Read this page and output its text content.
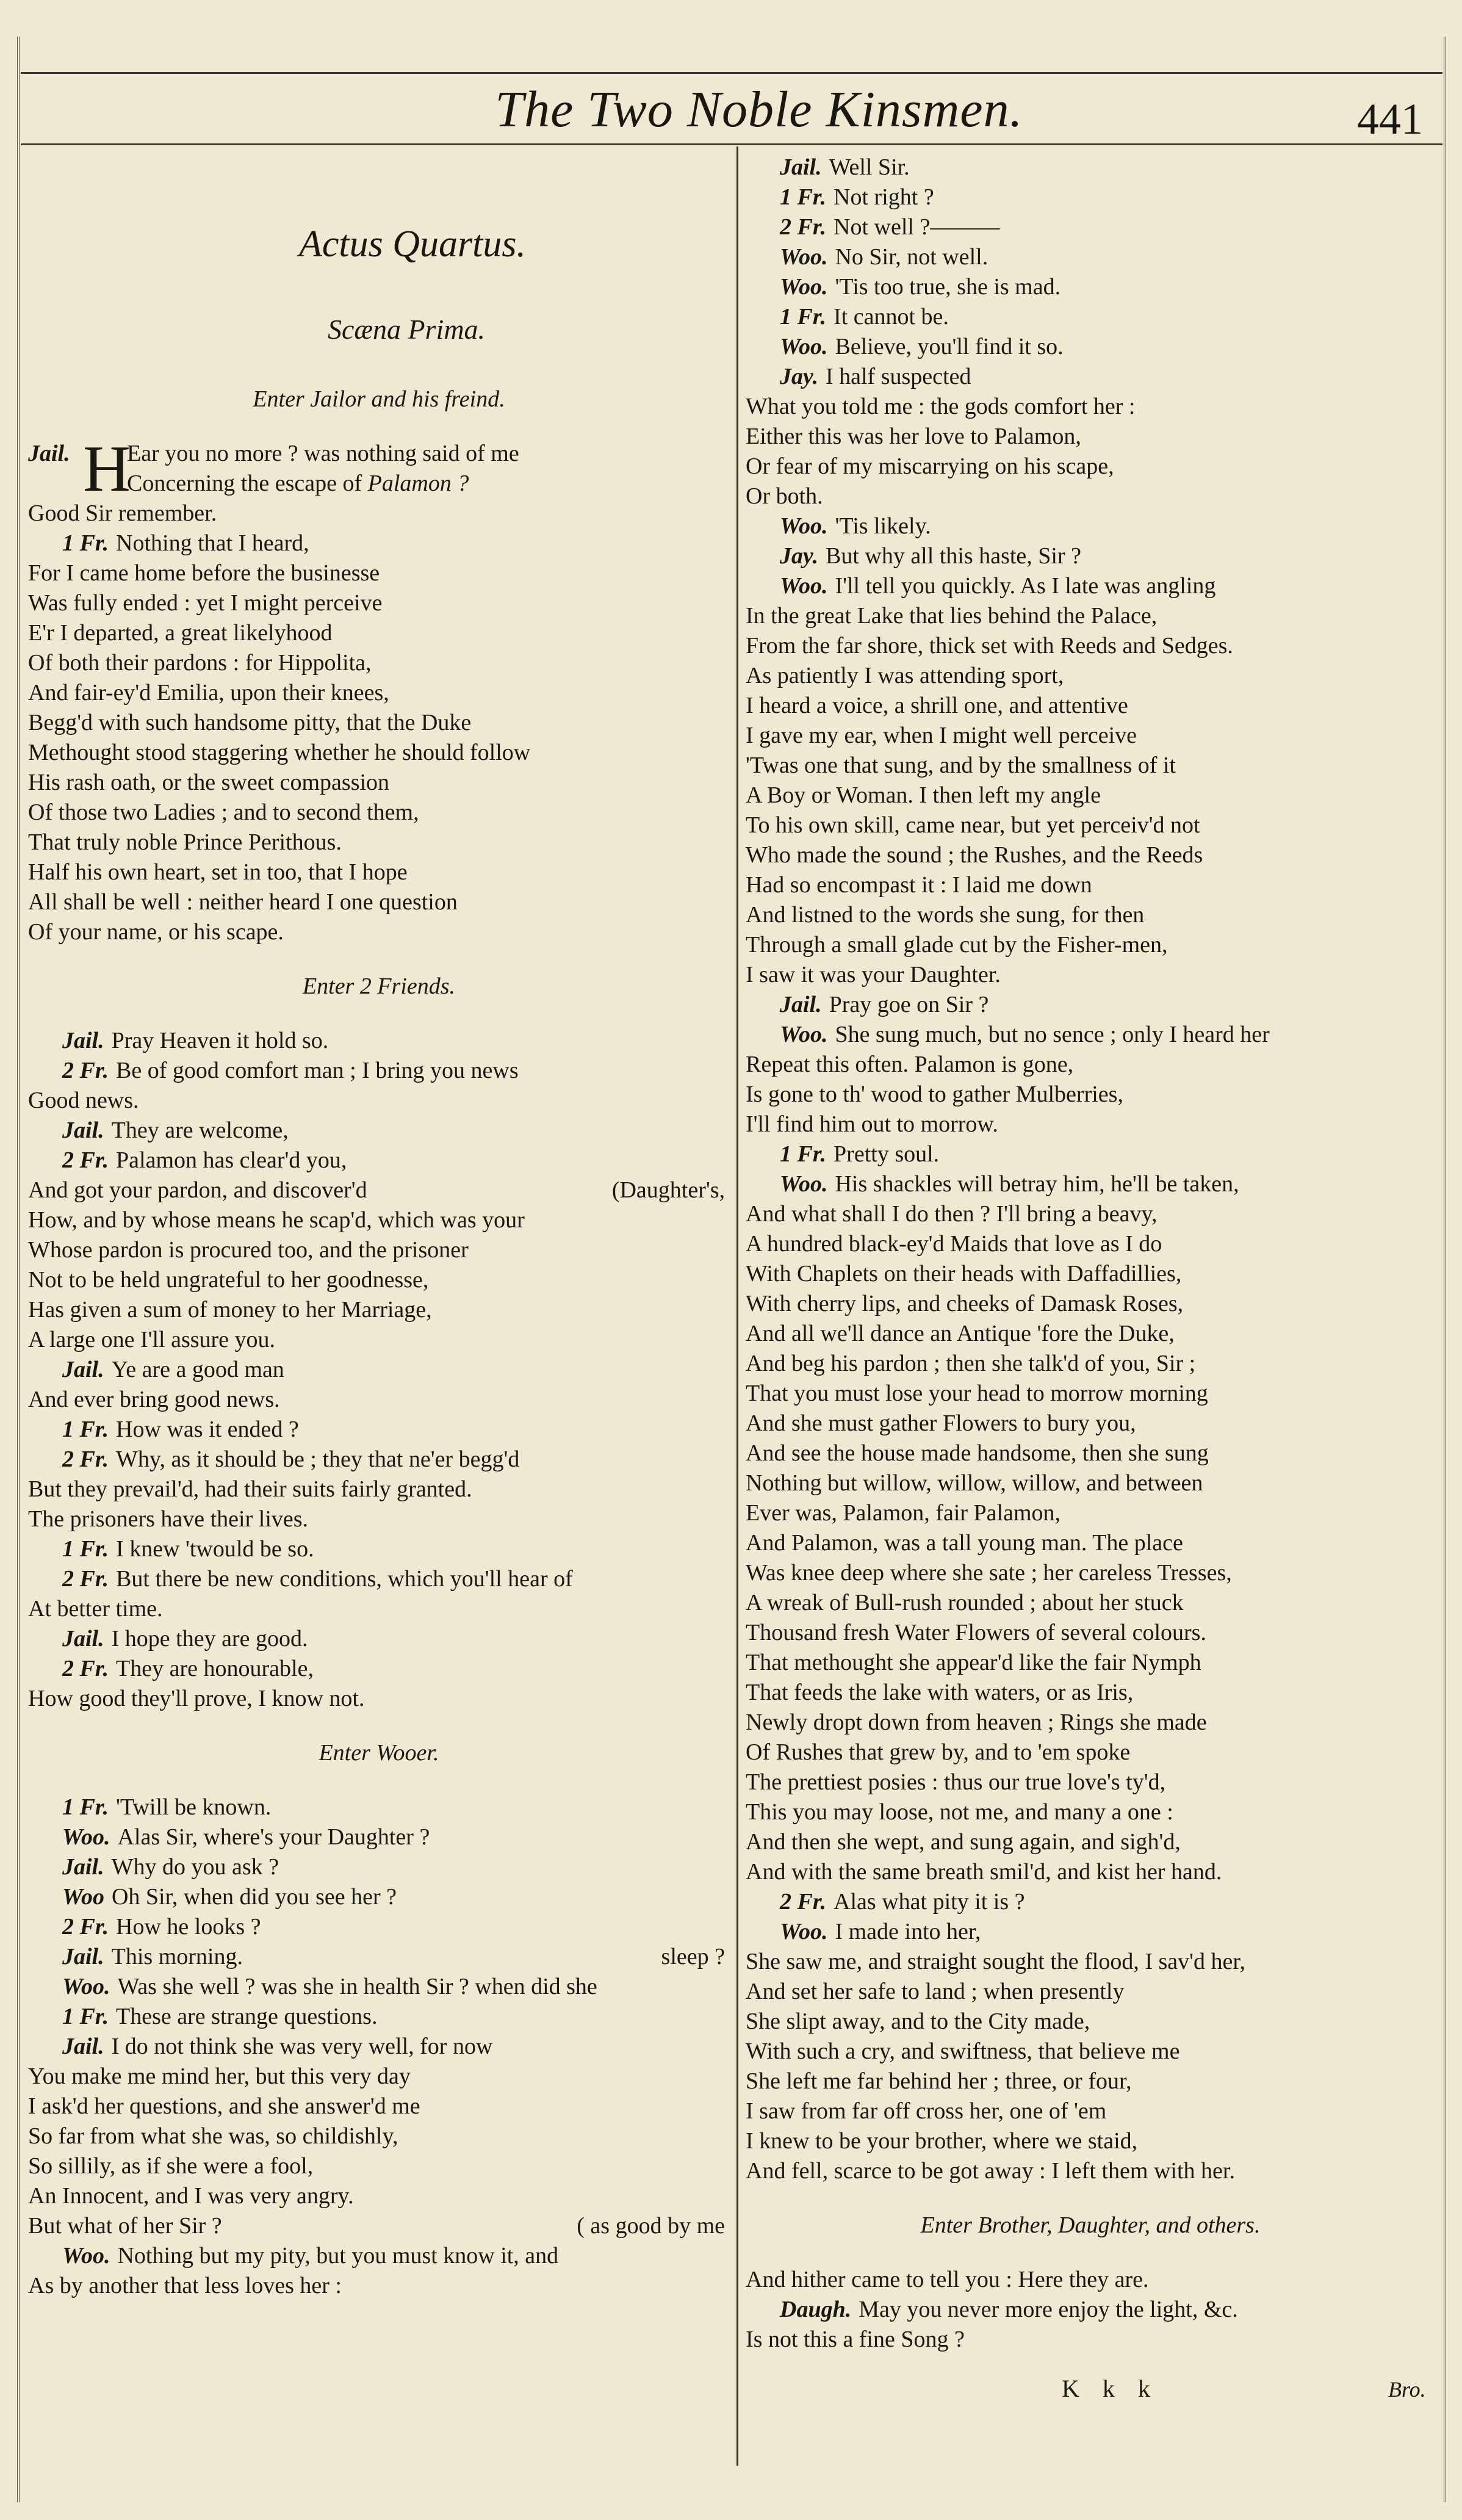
The Two Noble Kinsmen.	441
Actus Quartus.
Scæna Prima.
Enter Jailor and his freind.
Jail. H
Ear you no more ? was nothing said of me
Concerning the escape of Palamon ?
Good Sir remember.
1 Fr. Nothing that I heard,
For I came home before the businesse
Was fully ended : yet I might perceive
E'r I departed, a great likelyhood
Of both their pardons : for Hippolita,
And fair-ey'd Emilia, upon their knees,
Begg'd with such handsome pitty, that the Duke
Methought stood staggering whether he should follow
His rash oath, or the sweet compassion
Of those two Ladies ; and to second them,
That truly noble Prince Perithous.
Half his own heart, set in too, that I hope
All shall be well : neither heard I one question
Of your name, or his scape.
Enter 2 Friends.
Jail. Pray Heaven it hold so.
2 Fr. Be of good comfort man ; I bring you news
Good news.
Jail. They are welcome,
2 Fr. Palamon has clear'd you,
(Daughter's,
And got your pardon, and discover'd
How, and by whose means he scap'd, which was your
Whose pardon is procured too, and the prisoner
Not to be held ungrateful to her goodnesse,
Has given a sum of money to her Marriage,
A large one I'll assure you.
Jail. Ye are a good man
And ever bring good news.
1 Fr. How was it ended ?
2 Fr. Why, as it should be ; they that ne'er begg'd
But they prevail'd, had their suits fairly granted.
The prisoners have their lives.
1 Fr. I knew 'twould be so.
2 Fr. But there be new conditions, which you'll hear of
At better time.
Jail. I hope they are good.
2 Fr. They are honourable,
How good they'll prove, I know not.
Enter Wooer.
1 Fr. 'Twill be known.
Woo. Alas Sir, where's your Daughter ?
Jail. Why do you ask ?
Woo Oh Sir, when did you see her ?
2 Fr. How he looks ?
sleep ?
Jail. This morning.
Woo. Was she well ? was she in health Sir ? when did she
1 Fr. These are strange questions.
Jail. I do not think she was very well, for now
You make me mind her, but this very day
I ask'd her questions, and she answer'd me
So far from what she was, so childishly,
So sillily, as if she were a fool,
An Innocent, and I was very angry.
( as good by me
But what of her Sir ?
Woo. Nothing but my pity, but you must know it, and
As by another that less loves her :
Jail. Well Sir.
1 Fr. Not right ?
2 Fr. Not well ?———
Woo. No Sir, not well.
Woo. 'Tis too true, she is mad.
1 Fr. It cannot be.
Woo. Believe, you'll find it so.
Jay. I half suspected
What you told me : the gods comfort her :
Either this was her love to Palamon,
Or fear of my miscarrying on his scape,
Or both.
Woo. 'Tis likely.
Jay. But why all this haste, Sir ?
Woo. I'll tell you quickly. As I late was angling
In the great Lake that lies behind the Palace,
From the far shore, thick set with Reeds and Sedges.
As patiently I was attending sport,
I heard a voice, a shrill one, and attentive
I gave my ear, when I might well perceive
'Twas one that sung, and by the smallness of it
A Boy or Woman. I then left my angle
To his own skill, came near, but yet perceiv'd not
Who made the sound ; the Rushes, and the Reeds
Had so encompast it : I laid me down
And listned to the words she sung, for then
Through a small glade cut by the Fisher-men,
I saw it was your Daughter.
Jail. Pray goe on Sir ?
Woo. She sung much, but no sence ; only I heard her
Repeat this often. Palamon is gone,
Is gone to th' wood to gather Mulberries,
I'll find him out to morrow.
1 Fr. Pretty soul.
Woo. His shackles will betray him, he'll be taken,
And what shall I do then ? I'll bring a beavy,
A hundred black-ey'd Maids that love as I do
With Chaplets on their heads with Daffadillies,
With cherry lips, and cheeks of Damask Roses,
And all we'll dance an Antique 'fore the Duke,
And beg his pardon ; then she talk'd of you, Sir ;
That you must lose your head to morrow morning
And she must gather Flowers to bury you,
And see the house made handsome, then she sung
Nothing but willow, willow, willow, and between
Ever was, Palamon, fair Palamon,
And Palamon, was a tall young man. The place
Was knee deep where she sate ; her careless Tresses,
A wreak of Bull-rush rounded ; about her stuck
Thousand fresh Water Flowers of several colours.
That methought she appear'd like the fair Nymph
That feeds the lake with waters, or as Iris,
Newly dropt down from heaven ; Rings she made
Of Rushes that grew by, and to 'em spoke
The prettiest posies : thus our true love's ty'd,
This you may loose, not me, and many a one :
And then she wept, and sung again, and sigh'd,
And with the same breath smil'd, and kist her hand.
2 Fr. Alas what pity it is ?
Woo. I made into her,
She saw me, and straight sought the flood, I sav'd her,
And set her safe to land ; when presently
She slipt away, and to the City made,
With such a cry, and swiftness, that believe me
She left me far behind her ; three, or four,
I saw from far off cross her, one of 'em
I knew to be your brother, where we staid,
And fell, scarce to be got away : I left them with her.
Enter Brother, Daughter, and others.
And hither came to tell you : Here they are.
Daugh. May you never more enjoy the light, &c.
Is not this a fine Song ?
K k k	Bro.
